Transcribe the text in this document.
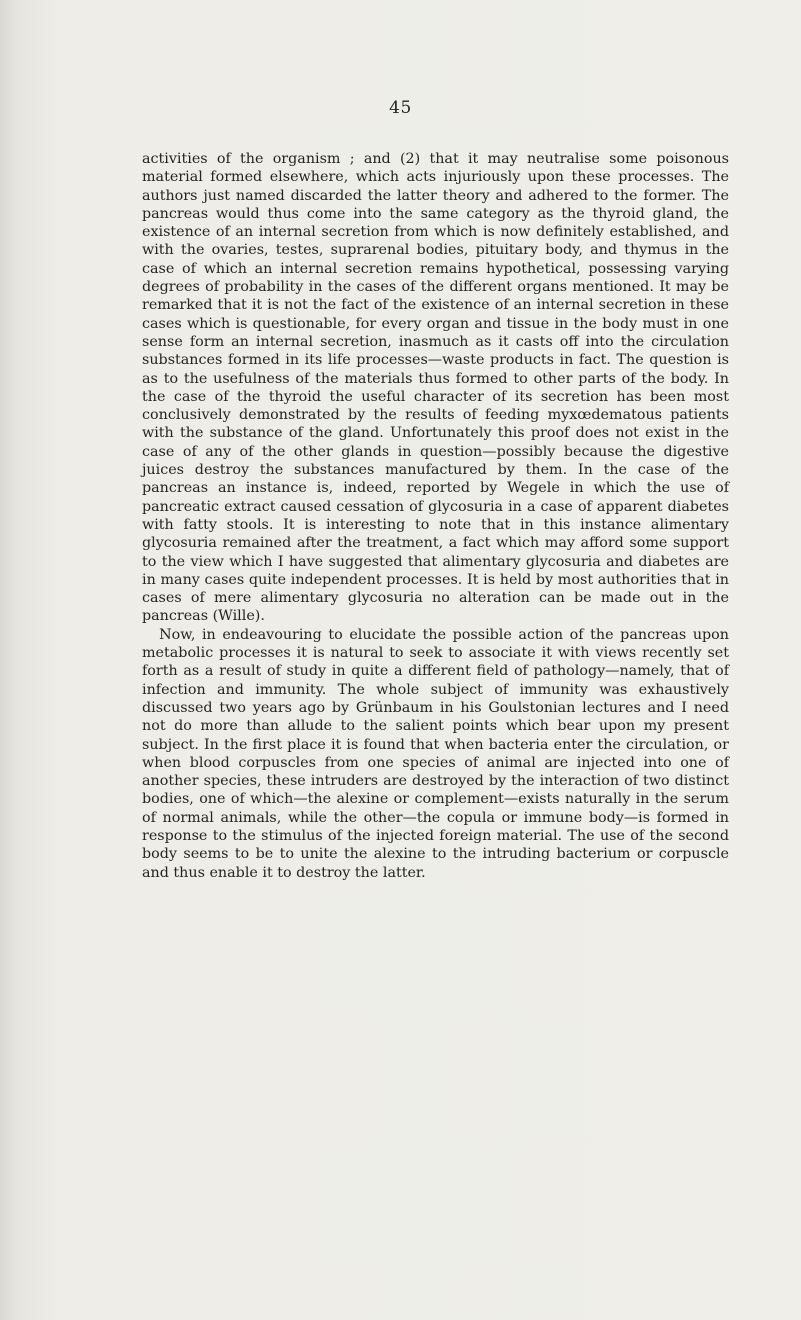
45

activities of the organism ; and (2) that it may neutralise some poisonous material formed elsewhere, which acts injuriously upon these processes. The authors just named discarded the latter theory and adhered to the former. The pancreas would thus come into the same category as the thyroid gland, the existence of an internal secretion from which is now definitely established, and with the ovaries, testes, suprarenal bodies, pituitary body, and thymus in the case of which an internal secretion remains hypothetical, possessing varying degrees of probability in the cases of the different organs mentioned. It may be remarked that it is not the fact of the existence of an internal secretion in these cases which is questionable, for every organ and tissue in the body must in one sense form an internal secretion, inasmuch as it casts off into the circulation substances formed in its life processes—waste products in fact. The question is as to the usefulness of the materials thus formed to other parts of the body. In the case of the thyroid the useful character of its secretion has been most conclusively demonstrated by the results of feeding myxœdematous patients with the substance of the gland. Unfortunately this proof does not exist in the case of any of the other glands in question—possibly because the digestive juices destroy the substances manufactured by them. In the case of the pancreas an instance is, indeed, reported by Wegele in which the use of pancreatic extract caused cessation of glycosuria in a case of apparent diabetes with fatty stools. It is interesting to note that in this instance alimentary glycosuria remained after the treatment, a fact which may afford some support to the view which I have suggested that alimentary glycosuria and diabetes are in many cases quite independent processes. It is held by most authorities that in cases of mere alimentary glycosuria no alteration can be made out in the pancreas (Wille).

Now, in endeavouring to elucidate the possible action of the pancreas upon metabolic processes it is natural to seek to associate it with views recently set forth as a result of study in quite a different field of pathology—namely, that of infection and immunity. The whole subject of immunity was exhaustively discussed two years ago by Grünbaum in his Goulstonian lectures and I need not do more than allude to the salient points which bear upon my present subject. In the first place it is found that when bacteria enter the circulation, or when blood corpuscles from one species of animal are injected into one of another species, these intruders are destroyed by the interaction of two distinct bodies, one of which—the alexine or complement—exists naturally in the serum of normal animals, while the other—the copula or immune body—is formed in response to the stimulus of the injected foreign material. The use of the second body seems to be to unite the alexine to the intruding bacterium or corpuscle and thus enable it to destroy the latter.
